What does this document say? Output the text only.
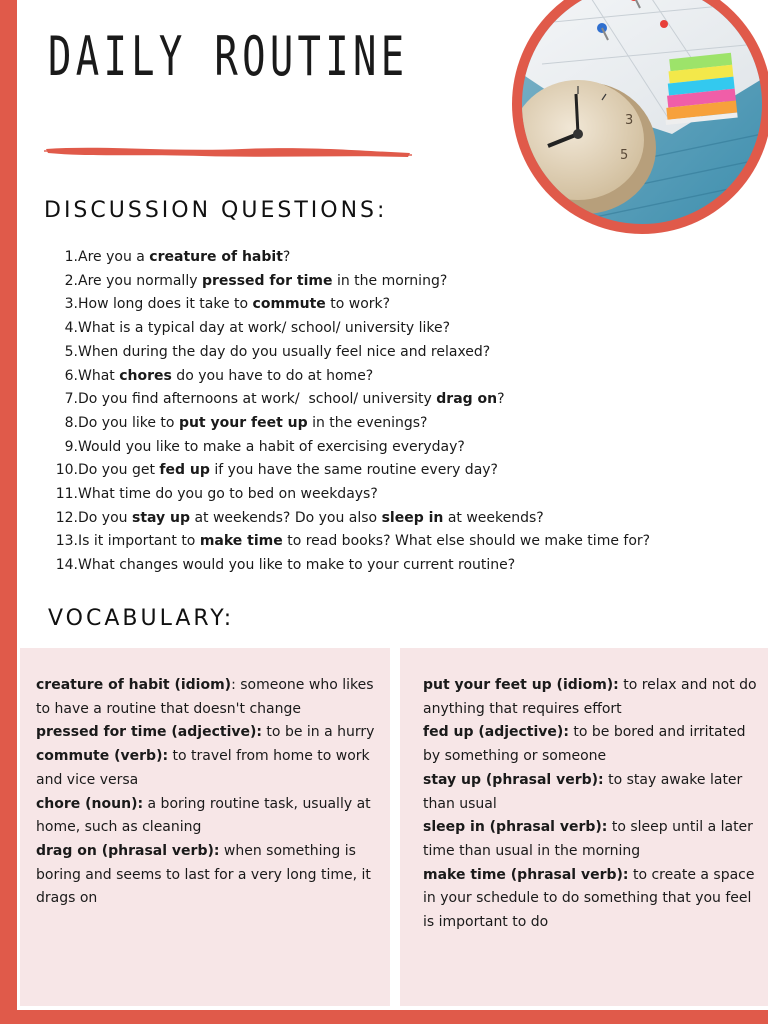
DAILY ROUTINE
3
5
DISCUSSION QUESTIONS:
1. Are you a creature of habit?
2. Are you normally pressed for time in the morning?
3. How long does it take to commute to work?
4. What is a typical day at work/ school/ university like?
5. When during the day do you usually feel nice and relaxed?
6. What chores do you have to do at home?
7. Do you find afternoons at work/  school/ university drag on?
8. Do you like to put your feet up in the evenings?
9. Would you like to make a habit of exercising everyday?
10. Do you get fed up if you have the same routine every day?
11. What time do you go to bed on weekdays?
12. Do you stay up at weekends? Do you also sleep in at weekends?
13. Is it important to make time to read books? What else should we make time for?
14. What changes would you like to make to your current routine?
VOCABULARY:

creature of habit (idiom): someone who likes to have a routine that doesn't change

pressed for time (adjective): to be in a hurry

commute (verb): to travel from home to work and vice versa

chore (noun): a boring routine task, usually at home, such as cleaning

drag on (phrasal verb): when something is boring and seems to last for a very long time, it drags on

put your feet up (idiom): to relax and not do anything that requires effort

fed up (adjective): to be bored and irritated by something or someone

stay up (phrasal verb): to stay awake later than usual

sleep in (phrasal verb): to sleep until a later time than usual in the morning

make time (phrasal verb): to create a space in your schedule to do something that you feel is important to do
